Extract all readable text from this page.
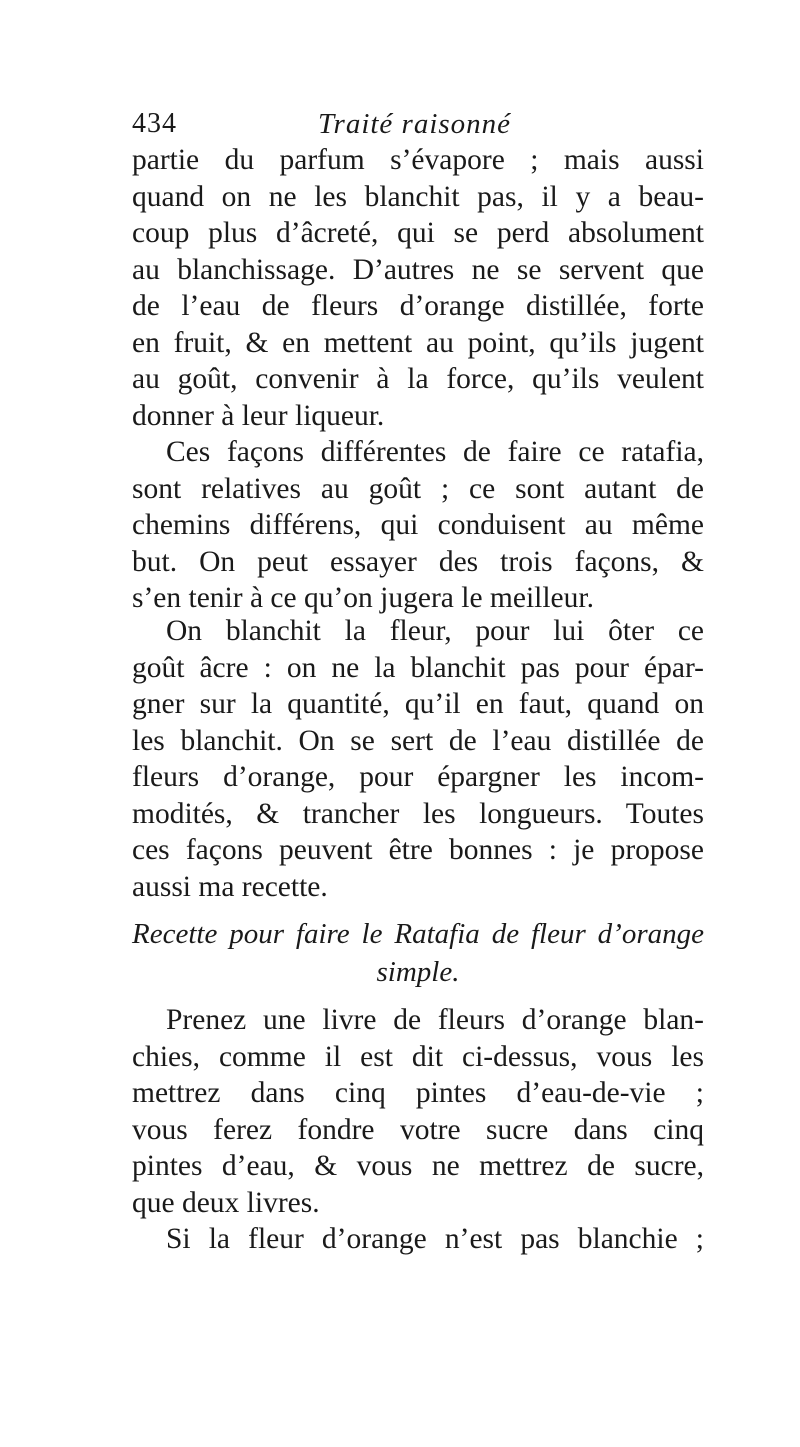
434	Traité raisonné
partie du parfum s’évapore ; mais aussi
quand on ne les blanchit pas, il y a beau-
coup plus d’âcreté, qui se perd absolument
au blanchissage. D’autres ne se servent que
de l’eau de fleurs d’orange distillée, forte
en fruit, & en mettent au point, qu’ils jugent
au goût, convenir à la force, qu’ils veulent
donner à leur liqueur.
Ces façons différentes de faire ce ratafia,
sont relatives au goût ; ce sont autant de
chemins différens, qui conduisent au même
but. On peut essayer des trois façons, &
s’en tenir à ce qu’on jugera le meilleur.
On blanchit la fleur, pour lui ôter ce
goût âcre : on ne la blanchit pas pour épar-
gner sur la quantité, qu’il en faut, quand on
les blanchit. On se sert de l’eau distillée de
fleurs d’orange, pour épargner les incom-
modités, & trancher les longueurs. Toutes
ces façons peuvent être bonnes : je propose
aussi ma recette.
Recette pour faire le Ratafia de fleur d’orange
simple.
Prenez une livre de fleurs d’orange blan-
chies, comme il est dit ci-dessus, vous les
mettrez dans cinq pintes d’eau-de-vie ;
vous ferez fondre votre sucre dans cinq
pintes d’eau, & vous ne mettrez de sucre,
que deux livres.
Si la fleur d’orange n’est pas blanchie ;
